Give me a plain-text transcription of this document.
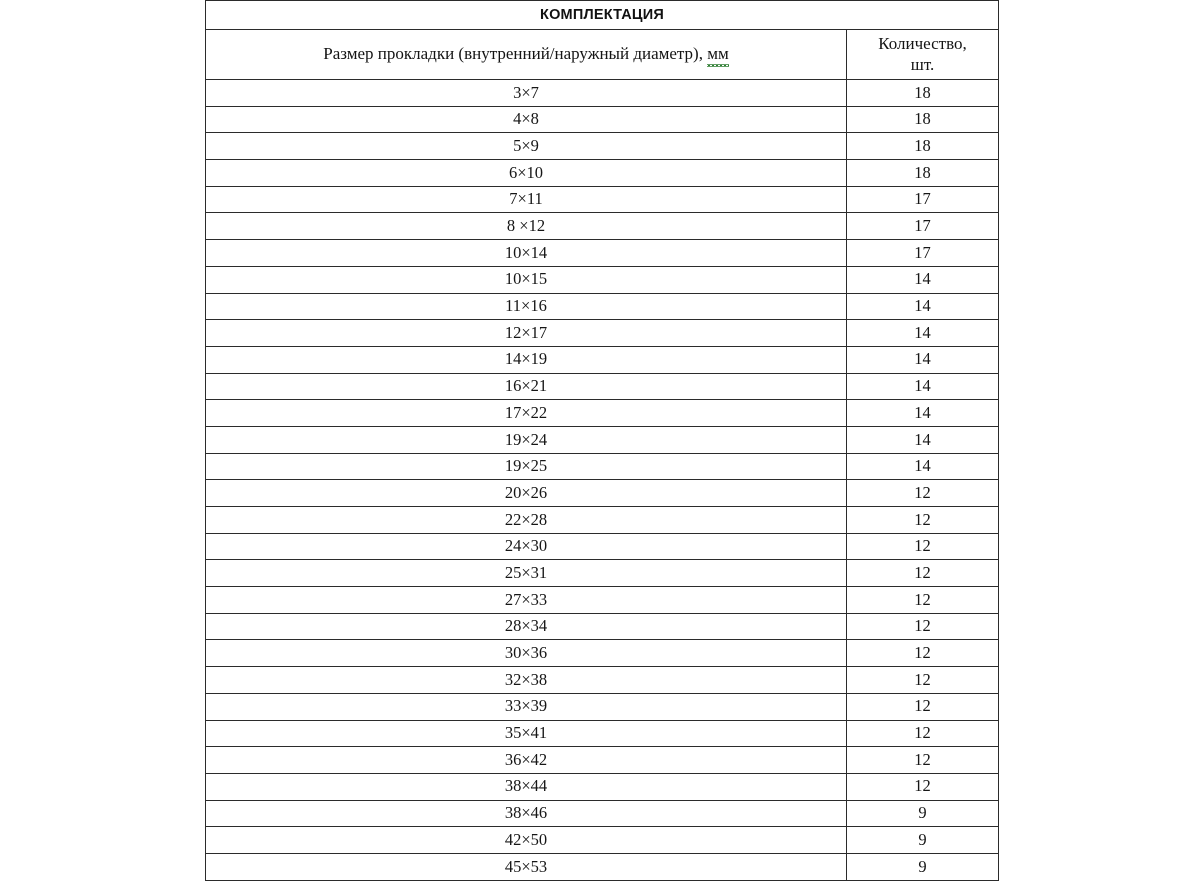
КОМПЛЕКТАЦИЯ	
Размер прокладки (внутренний/наружный диаметр), мм	Количество,
шт.

3×7	18
4×8	18
5×9	18
6×10	18
7×11	17
8 ×12	17
10×14	17
10×15	14
11×16	14
12×17	14
14×19	14
16×21	14
17×22	14
19×24	14
19×25	14
20×26	12
22×28	12
24×30	12
25×31	12
27×33	12
28×34	12
30×36	12
32×38	12
33×39	12
35×41	12
36×42	12
38×44	12
38×46	9
42×50	9
45×53	9
